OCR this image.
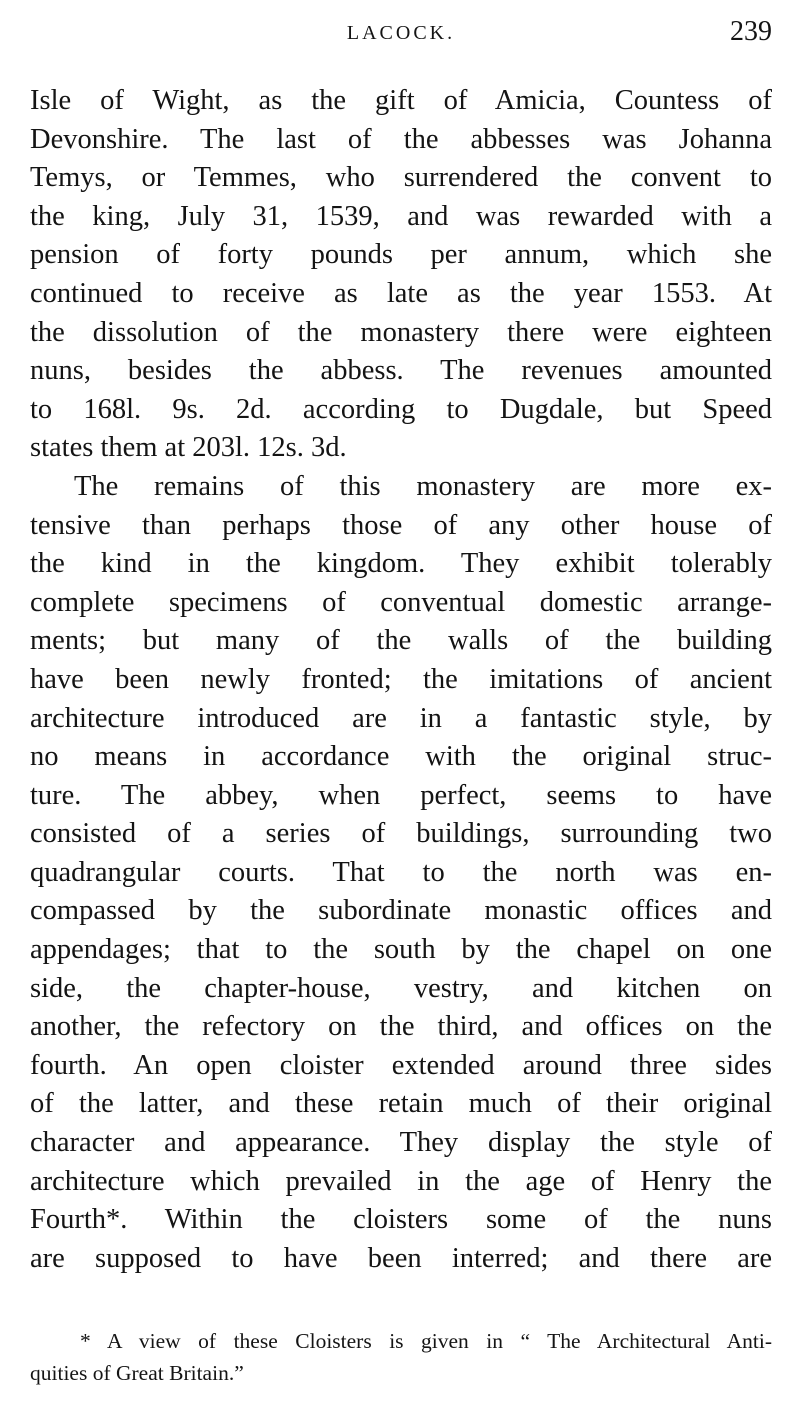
LACOCK.	239
Isle of Wight, as the gift of Amicia, Countess of
Devonshire. The last of the abbesses was Johanna
Temys, or Temmes, who surrendered the convent to
the king, July 31, 1539, and was rewarded with a
pension of forty pounds per annum, which she
continued to receive as late as the year 1553. At
the dissolution of the monastery there were eighteen
nuns, besides the abbess. The revenues amounted
to 168l. 9s. 2d. according to Dugdale, but Speed
states them at 203l. 12s. 3d.
The remains of this monastery are more ex-
tensive than perhaps those of any other house of
the kind in the kingdom. They exhibit tolerably
complete specimens of conventual domestic arrange-
ments; but many of the walls of the building
have been newly fronted; the imitations of ancient
architecture introduced are in a fantastic style, by
no means in accordance with the original struc-
ture. The abbey, when perfect, seems to have
consisted of a series of buildings, surrounding two
quadrangular courts. That to the north was en-
compassed by the subordinate monastic offices and
appendages; that to the south by the chapel on one
side, the chapter-house, vestry, and kitchen on
another, the refectory on the third, and offices on the
fourth. An open cloister extended around three sides
of the latter, and these retain much of their original
character and appearance. They display the style of
architecture which prevailed in the age of Henry the
Fourth*. Within the cloisters some of the nuns
are supposed to have been interred; and there are
* A view of these Cloisters is given in “ The Architectural Anti-
quities of Great Britain.”
